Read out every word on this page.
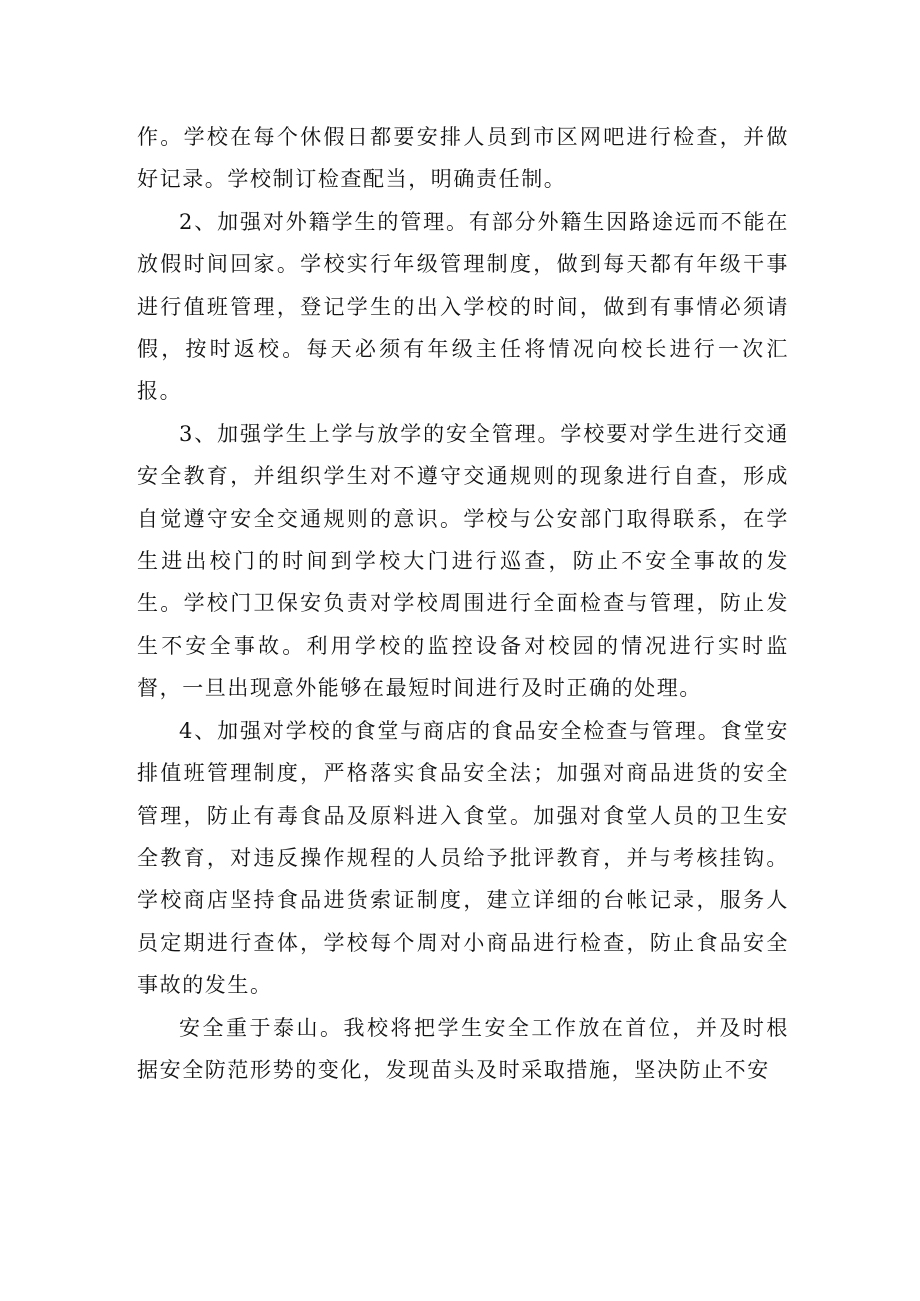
作。学校在每个休假日都要安排人员到市区网吧进行检查，并做好记录。学校制订检查配当，明确责任制。

2、加强对外籍学生的管理。有部分外籍生因路途远而不能在放假时间回家。学校实行年级管理制度，做到每天都有年级干事进行值班管理，登记学生的出入学校的时间，做到有事情必须请假，按时返校。每天必须有年级主任将情况向校长进行一次汇报。

3、加强学生上学与放学的安全管理。学校要对学生进行交通安全教育，并组织学生对不遵守交通规则的现象进行自查，形成自觉遵守安全交通规则的意识。学校与公安部门取得联系，在学生进出校门的时间到学校大门进行巡查，防止不安全事故的发生。学校门卫保安负责对学校周围进行全面检查与管理，防止发生不安全事故。利用学校的监控设备对校园的情况进行实时监督，一旦出现意外能够在最短时间进行及时正确的处理。

4、加强对学校的食堂与商店的食品安全检查与管理。食堂安排值班管理制度，严格落实食品安全法；加强对商品进货的安全管理，防止有毒食品及原料进入食堂。加强对食堂人员的卫生安全教育，对违反操作规程的人员给予批评教育，并与考核挂钩。学校商店坚持食品进货索证制度，建立详细的台帐记录，服务人员定期进行查体，学校每个周对小商品进行检查，防止食品安全事故的发生。

安全重于泰山。我校将把学生安全工作放在首位，并及时根据安全防范形势的变化，发现苗头及时采取措施，坚决防止不安
